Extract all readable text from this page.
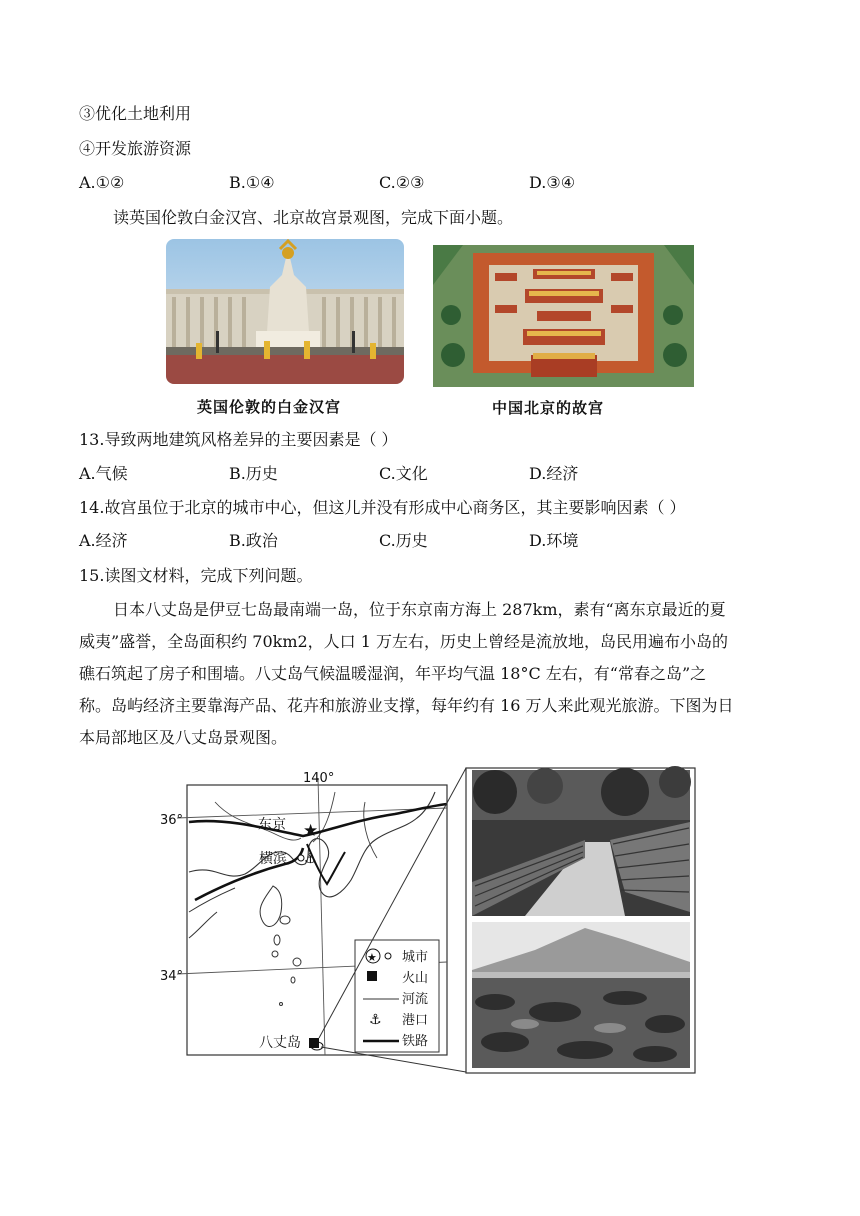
③优化土地利用
④开发旅游资源
A.①②	B.①④	C.②③	D.③④
读英国伦敦白金汉宫、北京故宫景观图，完成下面小题。
英国伦敦的白金汉宫	中国北京的故宫
13.导致两地建筑风格差异的主要因素是（ ）
A.气候	B.历史	C.文化	D.经济
14.故宫虽位于北京的城市中心，但这儿并没有形成中心商务区，其主要影响因素（ ）
A.经济	B.政治	C.历史	D.环境
15.读图文材料，完成下列问题。
日本八丈岛是伊豆七岛最南端一岛，位于东京南方海上 287km，素有“离东京最近的夏
威夷”盛誉，全岛面积约 70km2，人口 1 万左右，历史上曾经是流放地，岛民用遍布小岛的
礁石筑起了房子和围墙。八丈岛气候温暖湿润，年平均气温 18°C 左右，有“常春之岛”之
称。岛屿经济主要靠海产品、花卉和旅游业支撑，每年约有 16 万人来此观光旅游。下图为日
本局部地区及八丈岛景观图。
140°
36°
34°
★
⚓
东京
横滨
八丈岛
★ 城市
火山
河流
⚓ 港口
铁路
